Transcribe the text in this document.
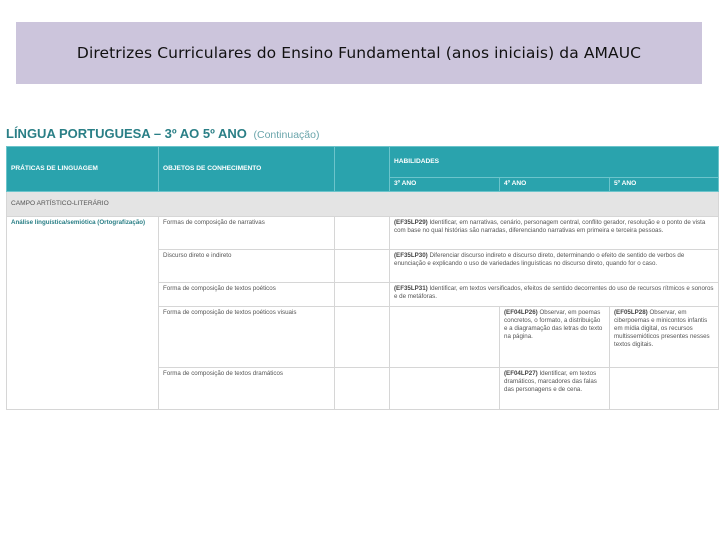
Diretrizes Curriculares do Ensino Fundamental (anos iniciais) da AMAUC
LÍNGUA PORTUGUESA – 3º AO 5º ANO (Continuação)
PRÁTICAS DE LINGUAGEM	OBJETOS DE CONHECIMENTO		HABILIDADES		
			3º ANO	4º ANO	5º ANO
CAMPO ARTÍSTICO-LITERÁRIO					
Análise linguística/semiótica (Ortografização)	Formas de composição de narrativas		(EF35LP29) Identificar, em narrativas, cenário, personagem central, conflito gerador, resolução e o ponto de vista com base no qual histórias são narradas, diferenciando narrativas em primeira e terceira pessoas.		
	Discurso direto e indireto		(EF35LP30) Diferenciar discurso indireto e discurso direto, determinando o efeito de sentido de verbos de enunciação e explicando o uso de variedades linguísticas no discurso direto, quando for o caso.		
	Forma de composição de textos poéticos		(EF35LP31) Identificar, em textos versificados, efeitos de sentido decorrentes do uso de recursos rítmicos e sonoros e de metáforas.		
	Forma de composição de textos poéticos visuais			(EF04LP26) Observar, em poemas concretos, o formato, a distribuição e a diagramação das letras do texto na página.	(EF05LP28) Observar, em ciberpoemas e minicontos infantis em mídia digital, os recursos multissemióticos presentes nesses textos digitais.
	Forma de composição de textos dramáticos			(EF04LP27) Identificar, em textos dramáticos, marcadores das falas das personagens e de cena.	
